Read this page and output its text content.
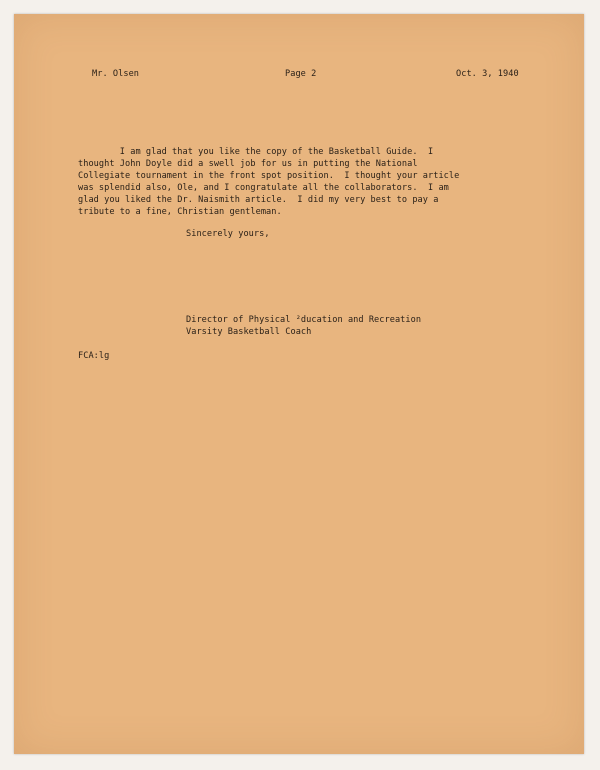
Mr. Olsen	Page 2	Oct. 3, 1940
I am glad that you like the copy of the Basketball Guide.  I
thought John Doyle did a swell job for us in putting the National
Collegiate tournament in the front spot position.  I thought your article
was splendid also, Ole, and I congratulate all the collaborators.  I am
glad you liked the Dr. Naismith article.  I did my very best to pay a
tribute to a fine, Christian gentleman.
Sincerely yours,
Director of Physical ²ducation and Recreation
Varsity Basketball Coach
FCA:lg
